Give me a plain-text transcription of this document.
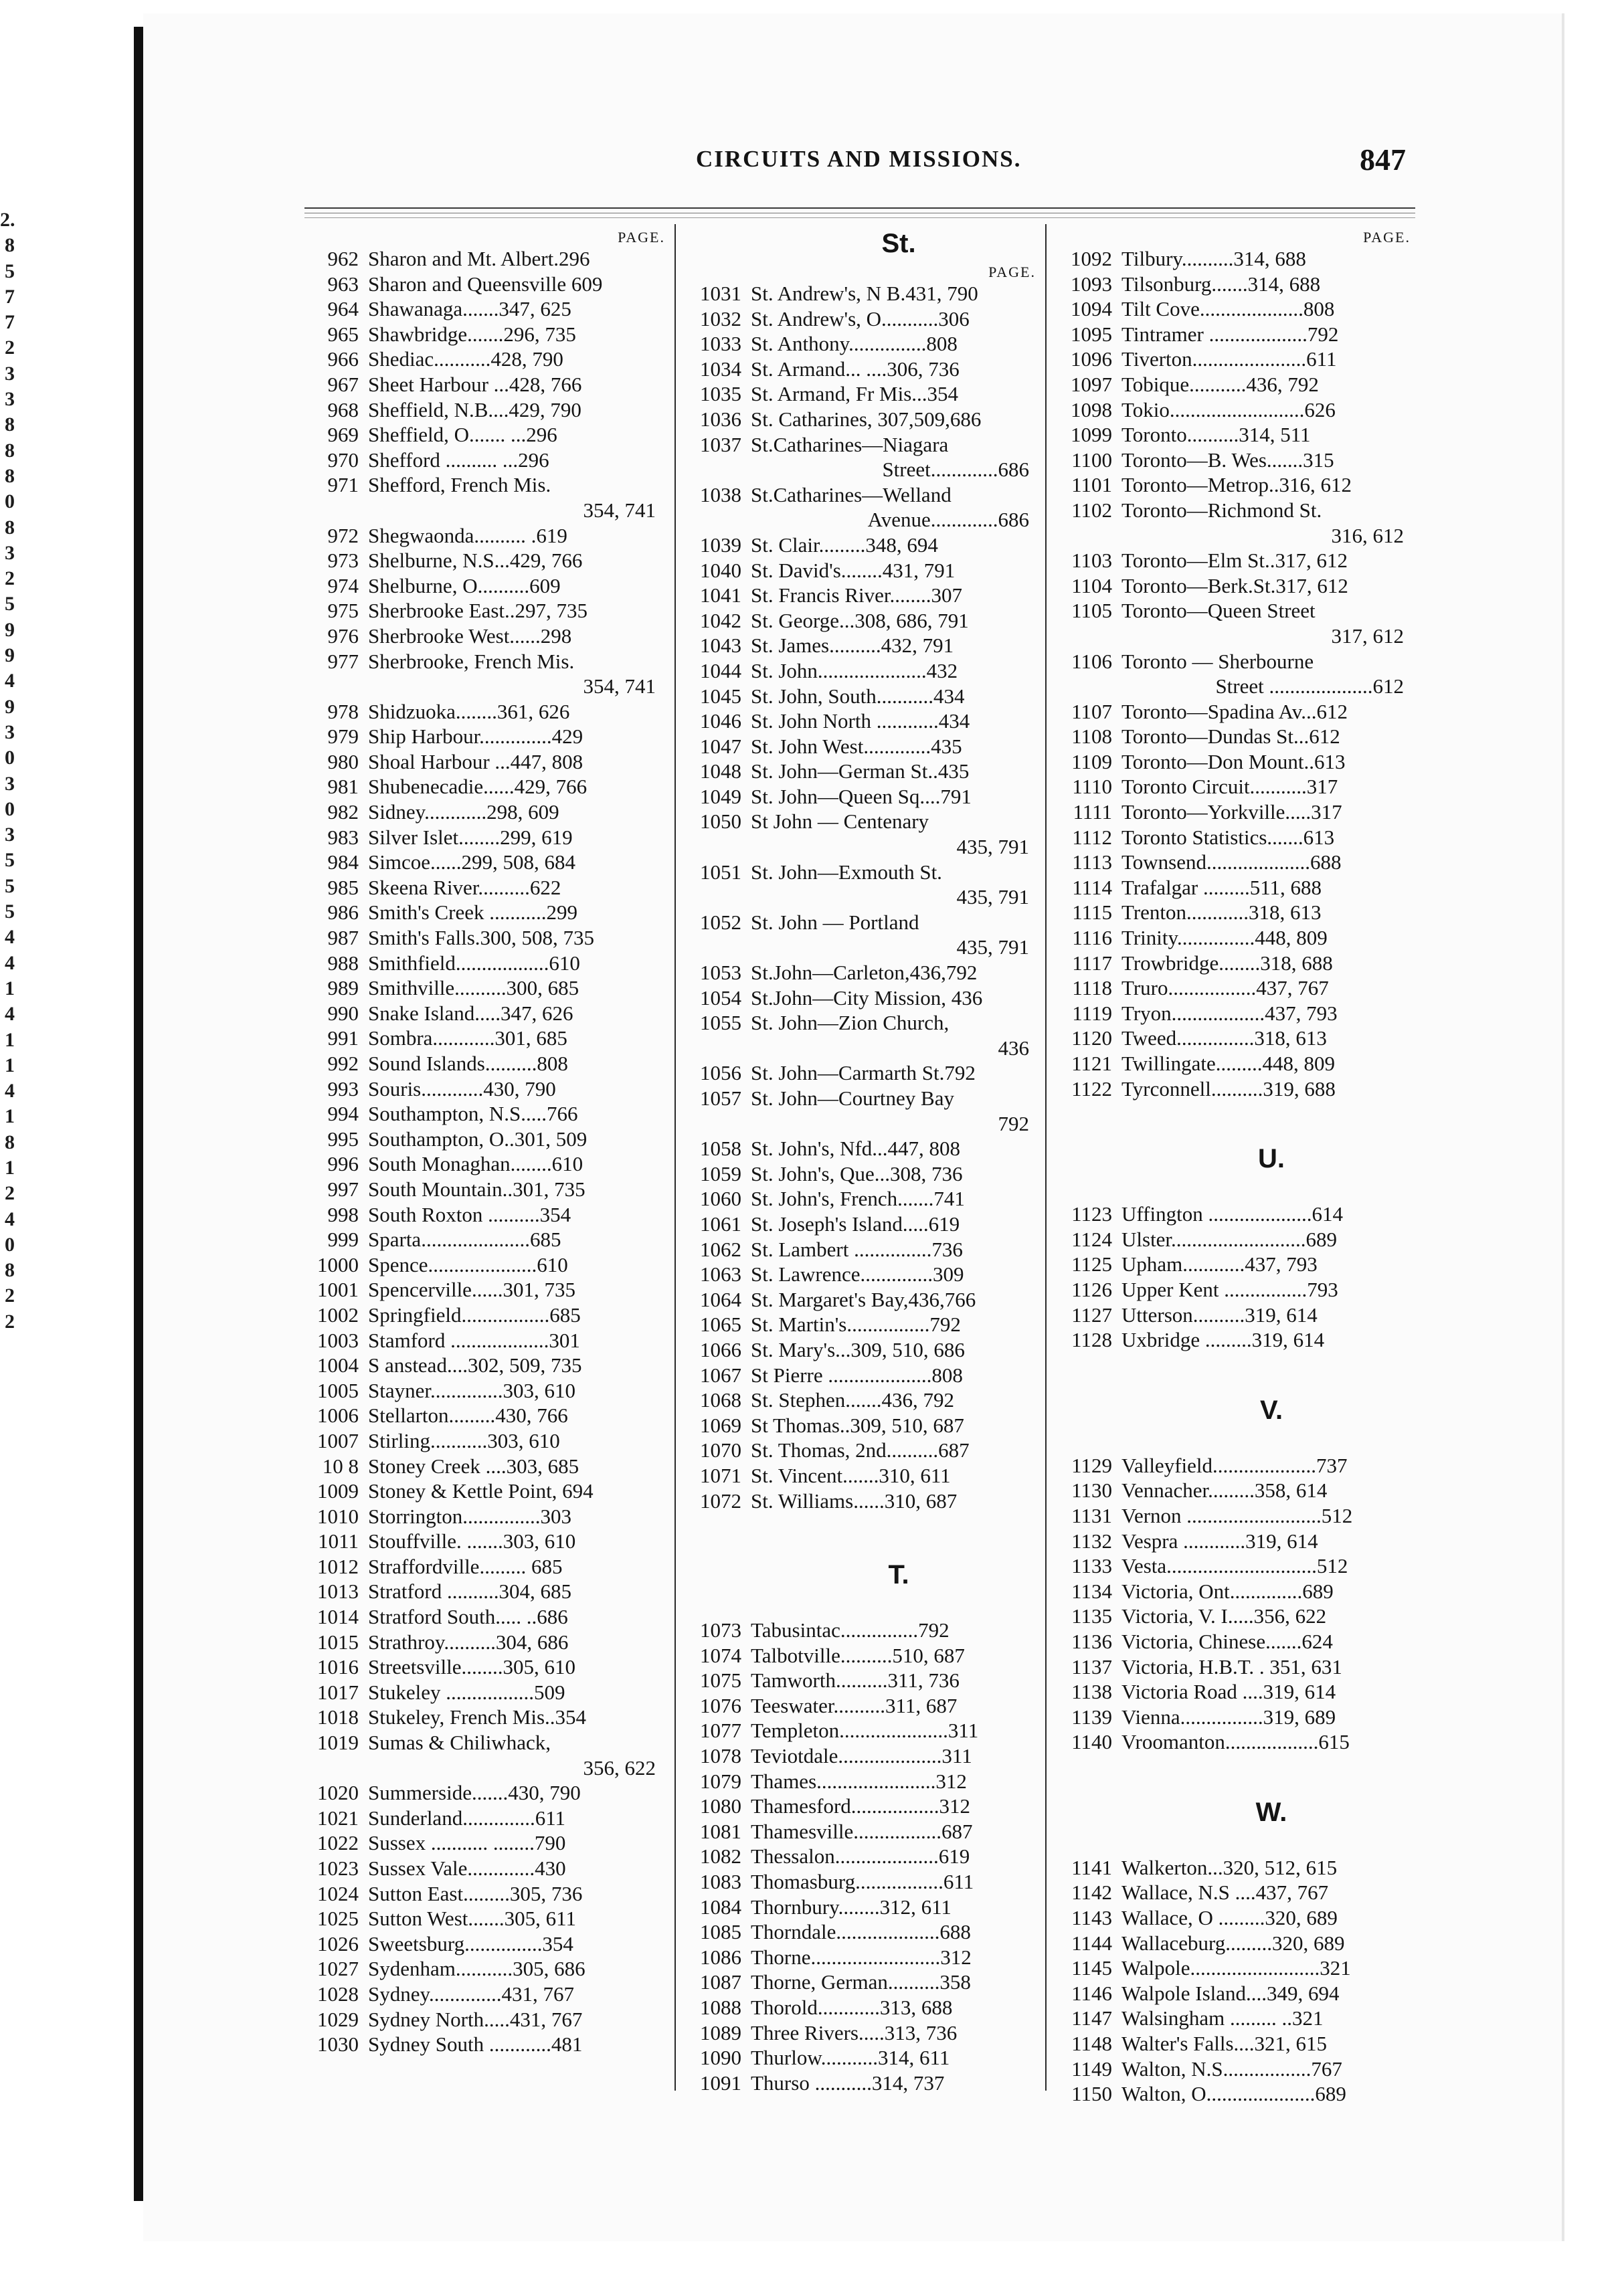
2.
8
5
7
7
2
3
3
8
8
8
0
8
3
2
5
9
9
4
9
3
0
3
0
3
5
5
5
4
4
1
4
1
1
4
1
8
1
2
4
0
8
2
2
CIRCUITS AND MISSIONS.	847
PAGE.
962 Sharon and Mt. Albert.296
963 Sharon and Queensville 609
964 Shawanaga.......347, 625
965 Shawbridge.......296, 735
966 Shediac...........428, 790
967 Sheet Harbour ...428, 766
968 Sheffield, N.B....429, 790
969 Sheffield, O....... ...296
970 Shefford .......... ...296
971 Shefford, French Mis.
354, 741
972 Shegwaonda.......... .619
973 Shelburne, N.S...429, 766
974 Shelburne, O..........609
975 Sherbrooke East..297, 735
976 Sherbrooke West......298
977 Sherbrooke, French Mis.
354, 741
978 Shidzuoka........361, 626
979 Ship Harbour..............429
980 Shoal Harbour ...447, 808
981 Shubenecadie......429, 766
982 Sidney............298, 609
983 Silver Islet........299, 619
984 Simcoe......299, 508, 684
985 Skeena River..........622
986 Smith's Creek ...........299
987 Smith's Falls.300, 508, 735
988 Smithfield..................610
989 Smithville..........300, 685
990 Snake Island.....347, 626
991 Sombra............301, 685
992 Sound Islands..........808
993 Souris............430, 790
994 Southampton, N.S.....766
995 Southampton, O..301, 509
996 South Monaghan........610
997 South Mountain..301, 735
998 South Roxton ..........354
999 Sparta.....................685
1000 Spence.....................610
1001 Spencerville......301, 735
1002 Springfield.................685
1003 Stamford ...................301
1004 S anstead....302, 509, 735
1005 Stayner..............303, 610
1006 Stellarton.........430, 766
1007 Stirling...........303, 610
10 8 Stoney Creek ....303, 685
1009 Stoney & Kettle Point, 694
1010 Storrington...............303
1011 Stouffville. .......303, 610
1012 Straffordville......... 685
1013 Stratford ..........304, 685
1014 Stratford South..... ..686
1015 Strathroy..........304, 686
1016 Streetsville........305, 610
1017 Stukeley .................509
1018 Stukeley, French Mis..354
1019 Sumas & Chiliwhack,
356, 622
1020 Summerside.......430, 790
1021 Sunderland..............611
1022 Sussex ........... ........790
1023 Sussex Vale.............430
1024 Sutton East.........305, 736
1025 Sutton West.......305, 611
1026 Sweetsburg...............354
1027 Sydenham...........305, 686
1028 Sydney..............431, 767
1029 Sydney North.....431, 767
1030 Sydney South ............481
St.
PAGE.
1031 St. Andrew's, N B.431, 790
1032 St. Andrew's, O...........306
1033 St. Anthony...............808
1034 St. Armand... ....306, 736
1035 St. Armand, Fr Mis...354
1036 St. Catharines, 307,509,686
1037 St.Catharines—Niagara
Street.............686
1038 St.Catharines—Welland
Avenue.............686
1039 St. Clair.........348, 694
1040 St. David's........431, 791
1041 St. Francis River........307
1042 St. George...308, 686, 791
1043 St. James..........432, 791
1044 St. John.....................432
1045 St. John, South...........434
1046 St. John North ............434
1047 St. John West.............435
1048 St. John—German St..435
1049 St. John—Queen Sq....791
1050 St John — Centenary
435, 791
1051 St. John—Exmouth St.
435, 791
1052 St. John — Portland
435, 791
1053 St.John—Carleton,436,792
1054 St.John—City Mission, 436
1055 St. John—Zion Church,
436
1056 St. John—Carmarth St.792
1057 St. John—Courtney Bay
792
1058 St. John's, Nfd...447, 808
1059 St. John's, Que...308, 736
1060 St. John's, French.......741
1061 St. Joseph's Island.....619
1062 St. Lambert ...............736
1063 St. Lawrence..............309
1064 St. Margaret's Bay,436,766
1065 St. Martin's................792
1066 St. Mary's...309, 510, 686
1067 St Pierre ....................808
1068 St. Stephen.......436, 792
1069 St Thomas..309, 510, 687
1070 St. Thomas, 2nd..........687
1071 St. Vincent.......310, 611
1072 St. Williams......310, 687
T.
1073 Tabusintac...............792
1074 Talbotville..........510, 687
1075 Tamworth..........311, 736
1076 Teeswater..........311, 687
1077 Templeton.....................311
1078 Teviotdale....................311
1079 Thames.......................312
1080 Thamesford.................312
1081 Thamesville.................687
1082 Thessalon....................619
1083 Thomasburg.................611
1084 Thornbury........312, 611
1085 Thorndale....................688
1086 Thorne.........................312
1087 Thorne, German..........358
1088 Thorold............313, 688
1089 Three Rivers.....313, 736
1090 Thurlow...........314, 611
1091 Thurso ...........314, 737
PAGE.
1092 Tilbury..........314, 688
1093 Tilsonburg.......314, 688
1094 Tilt Cove....................808
1095 Tintramer ...................792
1096 Tiverton......................611
1097 Tobique...........436, 792
1098 Tokio..........................626
1099 Toronto..........314, 511
1100 Toronto—B. Wes.......315
1101 Toronto—Metrop..316, 612
1102 Toronto—Richmond St.
316, 612
1103 Toronto—Elm St..317, 612
1104 Toronto—Berk.St.317, 612
1105 Toronto—Queen Street
317, 612
1106 Toronto — Sherbourne
Street ....................612
1107 Toronto—Spadina Av...612
1108 Toronto—Dundas St...612
1109 Toronto—Don Mount..613
1110 Toronto Circuit...........317
1111 Toronto—Yorkville.....317
1112 Toronto Statistics.......613
1113 Townsend....................688
1114 Trafalgar .........511, 688
1115 Trenton............318, 613
1116 Trinity...............448, 809
1117 Trowbridge........318, 688
1118 Truro.................437, 767
1119 Tryon..................437, 793
1120 Tweed...............318, 613
1121 Twillingate.........448, 809
1122 Tyrconnell..........319, 688
U.
1123 Uffington ....................614
1124 Ulster..........................689
1125 Upham............437, 793
1126 Upper Kent ................793
1127 Utterson..........319, 614
1128 Uxbridge .........319, 614
V.
1129 Valleyfield....................737
1130 Vennacher.........358, 614
1131 Vernon ..........................512
1132 Vespra ............319, 614
1133 Vesta.............................512
1134 Victoria, Ont..............689
1135 Victoria, V. I.....356, 622
1136 Victoria, Chinese.......624
1137 Victoria, H.B.T. . 351, 631
1138 Victoria Road ....319, 614
1139 Vienna................319, 689
1140 Vroomanton..................615
W.
1141 Walkerton...320, 512, 615
1142 Wallace, N.S ....437, 767
1143 Wallace, O .........320, 689
1144 Wallaceburg.........320, 689
1145 Walpole.........................321
1146 Walpole Island....349, 694
1147 Walsingham ......... ..321
1148 Walter's Falls....321, 615
1149 Walton, N.S.................767
1150 Walton, O.....................689
